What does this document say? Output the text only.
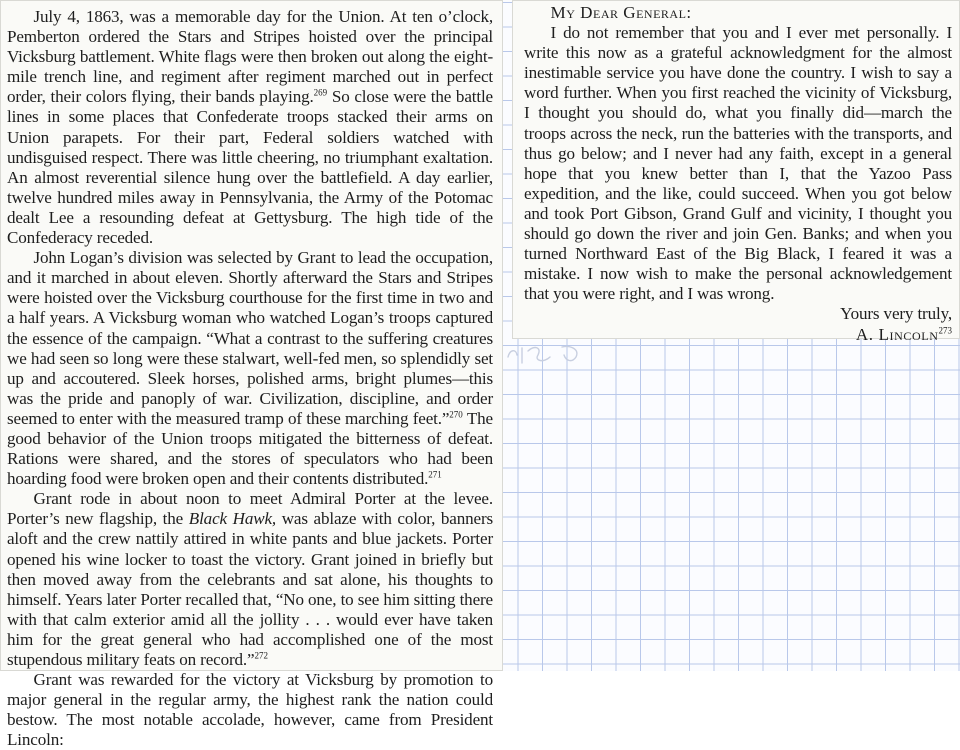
July 4, 1863, was a memorable day for the Union. At ten o’clock, Pemberton ordered the Stars and Stripes hoisted over the principal Vicksburg battlement. White flags were then broken out along the eight-mile trench line, and regiment after regiment marched out in perfect order, their colors flying, their bands playing.$^{269}$ So close were the battle lines in some places that Confederate troops stacked their arms on Union parapets. For their part, Federal soldiers watched with undisguised respect. There was little cheering, no triumphant exaltation. An almost reverential silence hung over the battlefield. A day earlier, twelve hundred miles away in Pennsylvania, the Army of the Potomac dealt Lee a resounding defeat at Gettysburg. The high tide of the Confederacy receded.

John Logan’s division was selected by Grant to lead the occupation, and it marched in about eleven. Shortly afterward the Stars and Stripes were hoisted over the Vicksburg courthouse for the first time in two and a half years. A Vicksburg woman who watched Logan’s troops captured the essence of the campaign. “What a contrast to the suffering creatures we had seen so long were these stalwart, well-fed men, so splendidly set up and accoutered. Sleek horses, polished arms, bright plumes—this was the pride and panoply of war. Civilization, discipline, and order seemed to enter with the measured tramp of these marching feet.”$^{270}$ The good behavior of the Union troops mitigated the bitterness of defeat. Rations were shared, and the stores of speculators who had been hoarding food were broken open and their contents distributed.$^{271}$

Grant rode in about noon to meet Admiral Porter at the levee. Porter’s new flagship, the Black Hawk, was ablaze with color, banners aloft and the crew nattily attired in white pants and blue jackets. Porter opened his wine locker to toast the victory. Grant joined in briefly but then moved away from the celebrants and sat alone, his thoughts to himself. Years later Porter recalled that, “No one, to see him sitting there with that calm exterior amid all the jollity . . . would ever have taken him for the great general who had accomplished one of the most stupendous military feats on record.”$^{272}$

Grant was rewarded for the victory at Vicksburg by promotion to major general in the regular army, the highest rank the nation could bestow. The most notable accolade, however, came from President Lincoln:

My Dear General:

I do not remember that you and I ever met personally. I write this now as a grateful acknowledgment for the almost inestimable service you have done the country. I wish to say a word further. When you first reached the vicinity of Vicksburg, I thought you should do, what you finally did—march the troops across the neck, run the batteries with the transports, and thus go below; and I never had any faith, except in a general hope that you knew better than I, that the Yazoo Pass expedition, and the like, could succeed. When you got below and took Port Gibson, Grand Gulf and vicinity, I thought you should go down the river and join Gen. Banks; and when you turned Northward East of the Big Black, I feared it was a mistake. I now wish to make the personal acknowledgement that you were right, and I was wrong.

Yours very truly,

A. Lincoln$^{273}$
